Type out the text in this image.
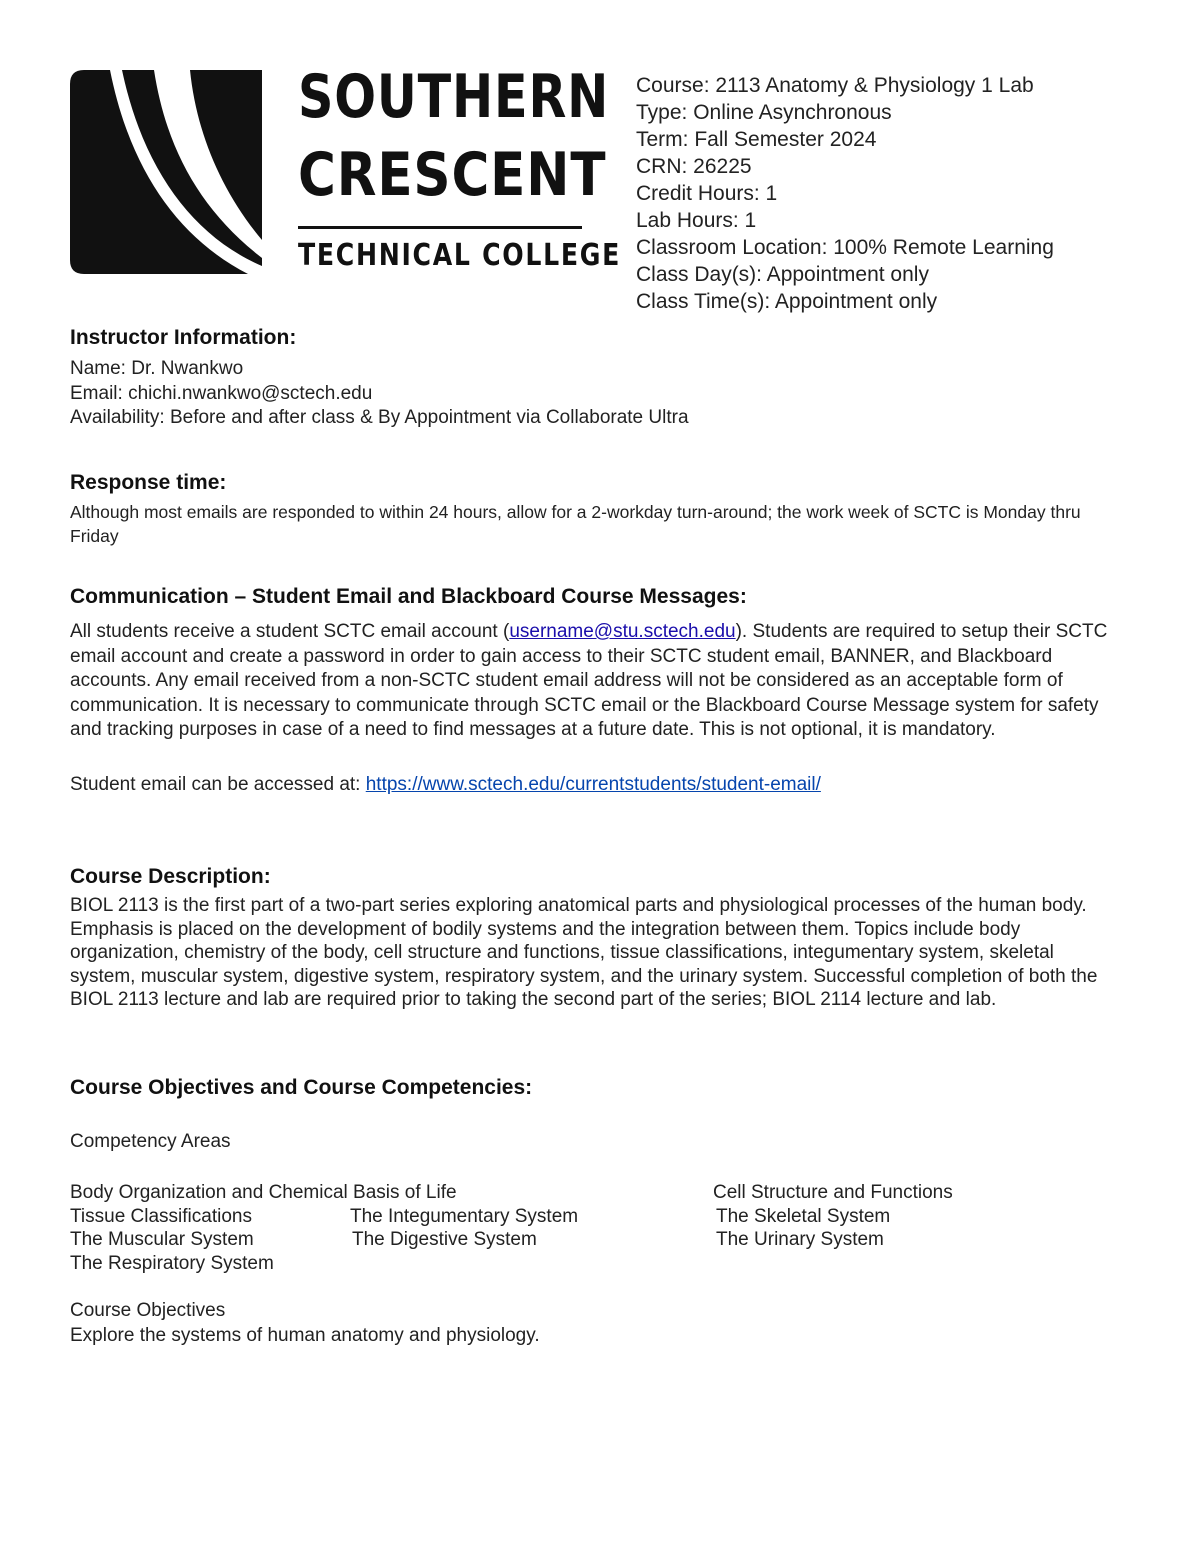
SOUTHERN
CRESCENT
TECHNICAL COLLEGE
Course: 2113 Anatomy & Physiology 1 Lab
Type: Online Asynchronous
Term: Fall Semester 2024
CRN: 26225
Credit Hours: 1
Lab Hours: 1
Classroom Location: 100% Remote Learning
Class Day(s): Appointment only
Class Time(s): Appointment only
Instructor Information:
Name: Dr. Nwankwo
Email: chichi.nwankwo@sctech.edu
Availability: Before and after class & By Appointment via Collaborate Ultra
Response time:
Although most emails are responded to within 24 hours, allow for a 2-workday turn-around; the work week of SCTC is Monday thru Friday
Communication – Student Email and Blackboard Course Messages:
All students receive a student SCTC email account (username@stu.sctech.edu). Students are required to setup their SCTC email account and create a password in order to gain access to their SCTC student email, BANNER, and Blackboard accounts. Any email received from a non-SCTC student email address will not be considered as an acceptable form of communication. It is necessary to communicate through SCTC email or the Blackboard Course Message system for safety and tracking purposes in case of a need to find messages at a future date. This is not optional, it is mandatory.
Student email can be accessed at: https://www.sctech.edu/currentstudents/student-email/
Course Description:
BIOL 2113 is the first part of a two-part series exploring anatomical parts and physiological processes of the human body. Emphasis is placed on the development of bodily systems and the integration between them. Topics include body organization, chemistry of the body, cell structure and functions, tissue classifications, integumentary system, skeletal system, muscular system, digestive system, respiratory system, and the urinary system. Successful completion of both the BIOL 2113 lecture and lab are required prior to taking the second part of the series; BIOL 2114 lecture and lab.
Course Objectives and Course Competencies:
Competency Areas
Body Organization and Chemical Basis of Life	Cell Structure and Functions
Tissue Classifications	The Integumentary System	The Skeletal System
The Muscular System	The Digestive System	The Urinary System
The Respiratory System
Course Objectives
Explore the systems of human anatomy and physiology.
